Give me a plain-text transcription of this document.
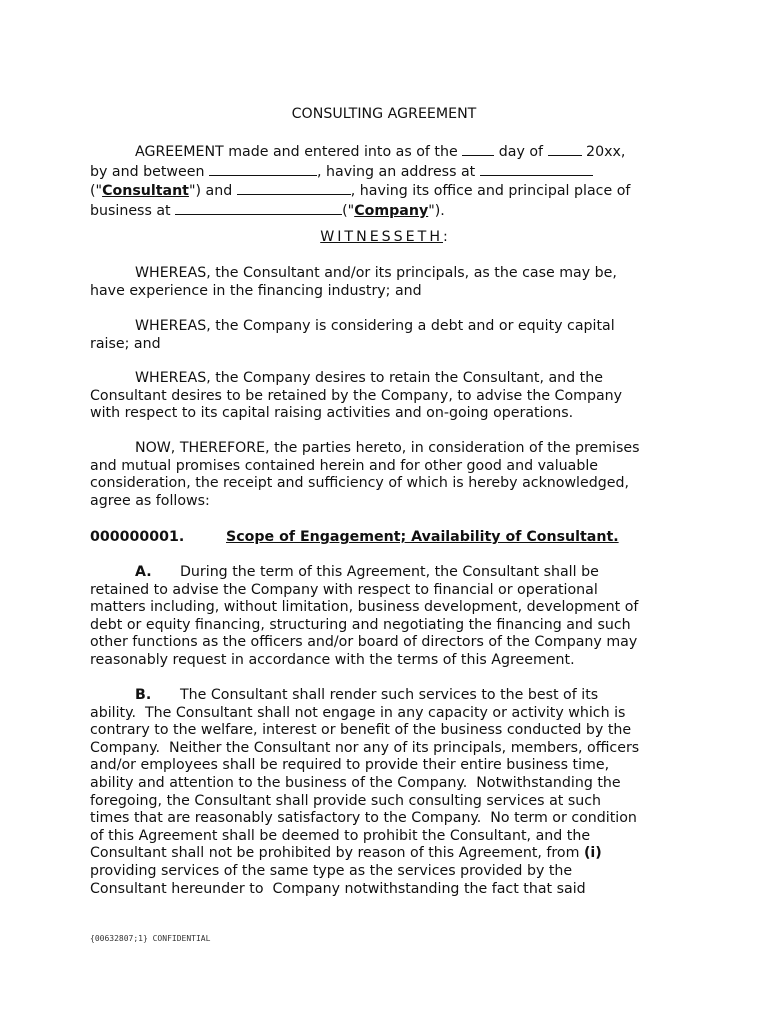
CONSULTING AGREEMENT
AGREEMENT made and entered into as of the  day of  20xx,
by and between	, having an address at
("Consultant") and	, having its office and principal place of
business at	("Company").
WITNESSETH:
WHEREAS, the Consultant and/or its principals, as the case may be,
have experience in the financing industry; and
WHEREAS, the Company is considering a debt and or equity capital
raise; and
WHEREAS, the Company desires to retain the Consultant, and the
Consultant desires to be retained by the Company, to advise the Company
with respect to its capital raising activities and on-going operations.
NOW, THEREFORE, the parties hereto, in consideration of the premises
and mutual promises contained herein and for other good and valuable
consideration, the receipt and sufficiency of which is hereby acknowledged,
agree as follows:
000000001.	Scope of Engagement; Availability of Consultant.
A. During the term of this Agreement, the Consultant shall be
retained to advise the Company with respect to financial or operational
matters including, without limitation, business development, development of
debt or equity financing, structuring and negotiating the financing and such
other functions as the officers and/or board of directors of the Company may
reasonably request in accordance with the terms of this Agreement.
B. The Consultant shall render such services to the best of its
ability.  The Consultant shall not engage in any capacity or activity which is
contrary to the welfare, interest or benefit of the business conducted by the
Company.  Neither the Consultant nor any of its principals, members, officers
and/or employees shall be required to provide their entire business time,
ability and attention to the business of the Company.  Notwithstanding the
foregoing, the Consultant shall provide such consulting services at such
times that are reasonably satisfactory to the Company.  No term or condition
of this Agreement shall be deemed to prohibit the Consultant, and the
Consultant shall not be prohibited by reason of this Agreement, from (i)
providing services of the same type as the services provided by the
Consultant hereunder to  Company notwithstanding the fact that said
{00632807;1} CONFIDENTIAL
